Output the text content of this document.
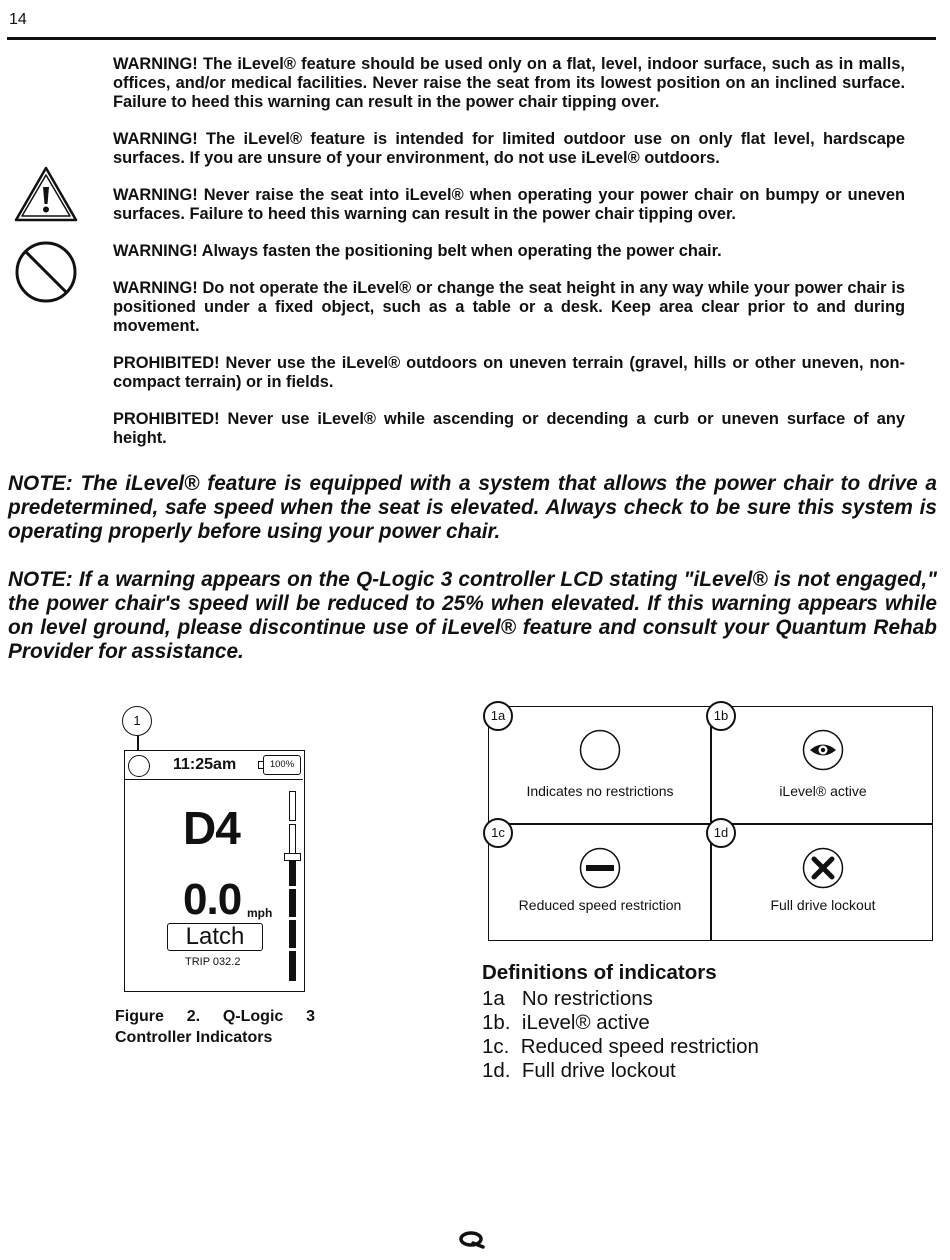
14

WARNING! The iLevel® feature should be used only on a flat, level, indoor surface, such as in malls, offices, and/or medical facilities. Never raise the seat from its lowest position on an inclined surface. Failure to heed this warning can result in the power chair tipping over.

WARNING! The iLevel® feature is intended for limited outdoor use on only flat level, hardscape surfaces. If you are unsure of your environment, do not use iLevel® outdoors.

WARNING! Never raise the seat into iLevel® when operating your power chair on bumpy or uneven surfaces. Failure to heed this warning can result in the power chair tipping over.

WARNING! Always fasten the positioning belt when operating the power chair.

WARNING! Do not operate the iLevel® or change the seat height in any way while your power chair is positioned under a fixed object, such as a table or a desk. Keep area clear prior to and during movement.

PROHIBITED! Never use the iLevel® outdoors on uneven terrain (gravel, hills or other uneven, non-compact terrain) or in fields.

PROHIBITED! Never use iLevel® while ascending or decending a curb or uneven surface of any height.

NOTE: The iLevel® feature is equipped with a system that allows the power chair to drive a predetermined, safe speed when the seat is elevated. Always check to be sure this system is operating properly before using your power chair.

NOTE: If a warning appears on the Q-Logic 3 controller LCD stating "iLevel® is not engaged," the power chair's speed will be reduced to 25% when elevated. If this warning appears while on level ground, please discontinue use of iLevel® feature and consult your Quantum Rehab Provider for assistance.

1
11:25am	100%
D4
0.0 mph
Latch
TRIP 032.2

Figure 2. Q-Logic 3 Controller Indicators

Indicates no restrictions	iLevel® active
Reduced speed restriction	Full drive lockout
1a	1b
1c	1d
Definitions of indicators
1a   No restrictions
1b.  iLevel® active
1c.  Reduced speed restriction
1d.  Full drive lockout
